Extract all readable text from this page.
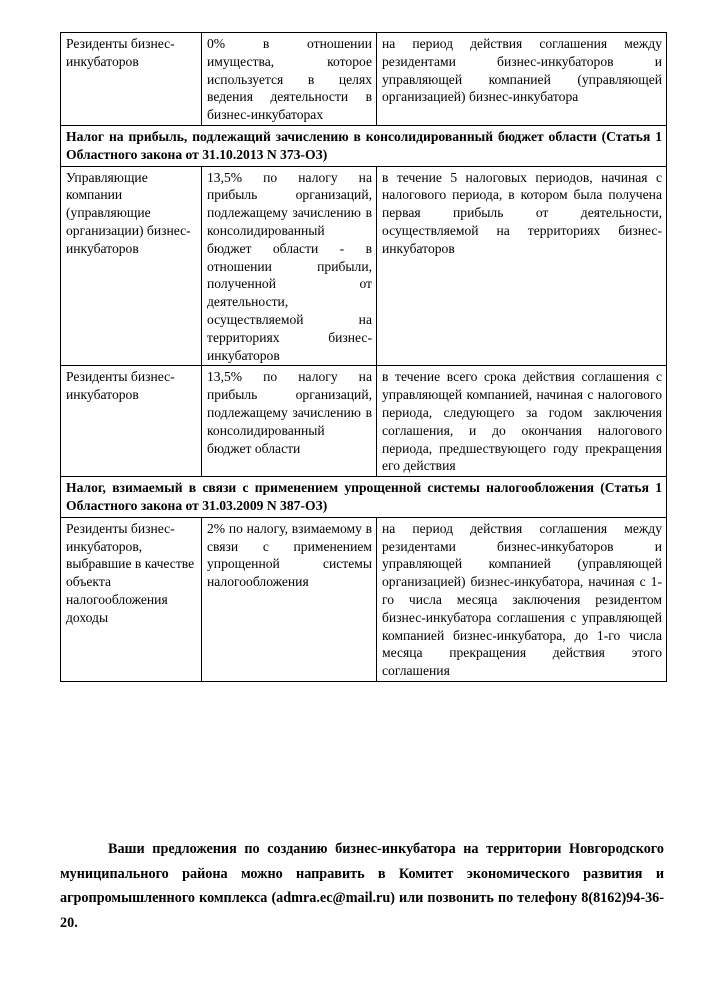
Резиденты бизнес-инкубаторов	0% в отношении имущества, которое используется в целях ведения деятельности в бизнес-инкубаторах	на период действия соглашения между резидентами бизнес-инкубаторов и управляющей компанией (управляющей организацией) бизнес-инкубатора
Налог на прибыль, подлежащий зачислению в консолидированный бюджет области (Статья 1 Областного закона от 31.10.2013 N 373-ОЗ)		
Управляющие компании (управляющие организации) бизнес-инкубаторов	13,5% по налогу на прибыль организаций, подлежащему зачислению в консолидированный бюджет области - в отношении прибыли, полученной от деятельности, осуществляемой на территориях бизнес-инкубаторов	в течение 5 налоговых периодов, начиная с налогового периода, в котором была получена первая прибыль от деятельности, осуществляемой на территориях бизнес-инкубаторов
Резиденты бизнес-инкубаторов	13,5% по налогу на прибыль организаций, подлежащему зачислению в консолидированный бюджет области	в течение всего срока действия соглашения с управляющей компанией, начиная с налогового периода, следующего за годом заключения соглашения, и до окончания налогового периода, предшествующего году прекращения его действия
Налог, взимаемый в связи с применением упрощенной системы налогообложения (Статья 1 Областного закона от 31.03.2009 N 387-ОЗ)		
Резиденты бизнес-инкубаторов, выбравшие в качестве объекта налогообложения доходы	2% по налогу, взимаемому в связи с применением упрощенной системы налогообложения	на период действия соглашения между резидентами бизнес-инкубаторов и управляющей компанией (управляющей организацией) бизнес-инкубатора, начиная с 1-го числа месяца заключения резидентом бизнес-инкубатора соглашения с управляющей компанией бизнес-инкубатора, до 1-го числа месяца прекращения действия этого соглашения

Ваши предложения по созданию бизнес-инкубатора на территории Новгородского муниципального района можно направить в Комитет экономического развития и агропромышленного комплекса (admra.ec@mail.ru) или позвонить по телефону 8(8162)94-36-20.
